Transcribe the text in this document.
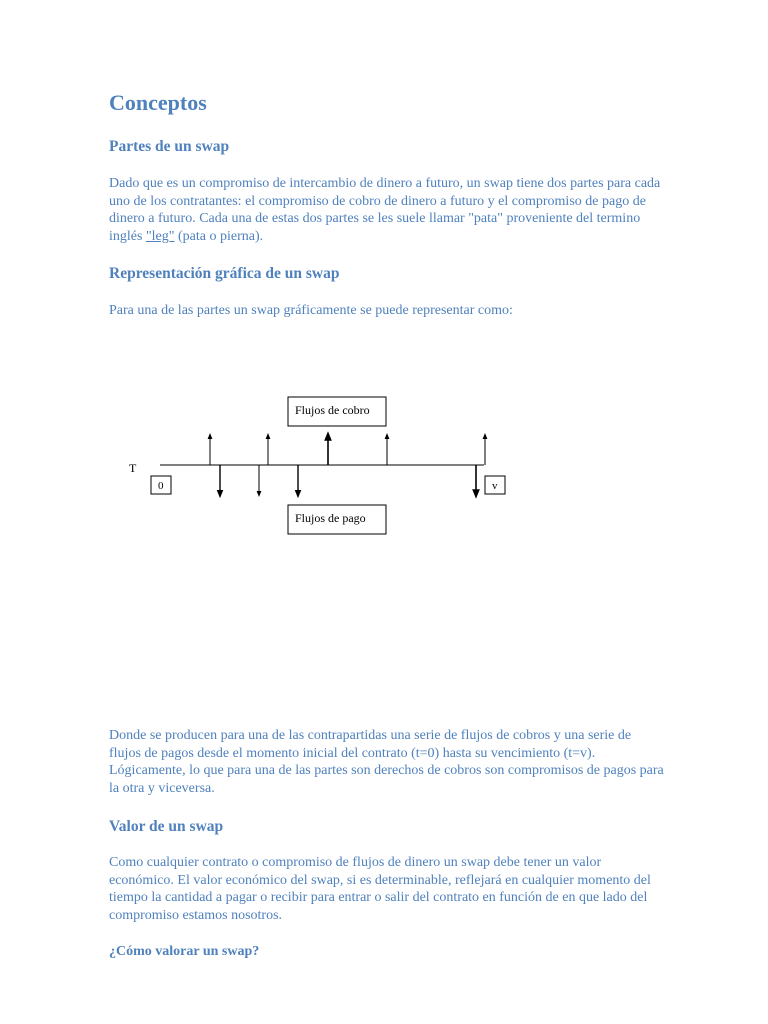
Conceptos
Partes de un swap

Dado que es un compromiso de intercambio de dinero a futuro, un swap tiene dos partes para cada uno de los contratantes: el compromiso de cobro de dinero a futuro y el compromiso de pago de dinero a futuro. Cada una de estas dos partes se les suele llamar "pata" proveniente del termino inglés "leg" (pata o pierna).

Representación gráfica de un swap

Para una de las partes un swap gráficamente se puede representar como:

Flujos de cobro
T
0	v
Flujos de pago

Donde se producen para una de las contrapartidas una serie de flujos de cobros y una serie de flujos de pagos desde el momento inicial del contrato (t=0) hasta su vencimiento (t=v). Lógicamente, lo que para una de las partes son derechos de cobros son compromisos de pagos para la otra y viceversa.

Valor de un swap

Como cualquier contrato o compromiso de flujos de dinero un swap debe tener un valor económico. El valor económico del swap, si es determinable, reflejará en cualquier momento del tiempo la cantidad a pagar o recibir para entrar o salir del contrato en función de en que lado del compromiso estamos nosotros.

¿Cómo valorar un swap?
